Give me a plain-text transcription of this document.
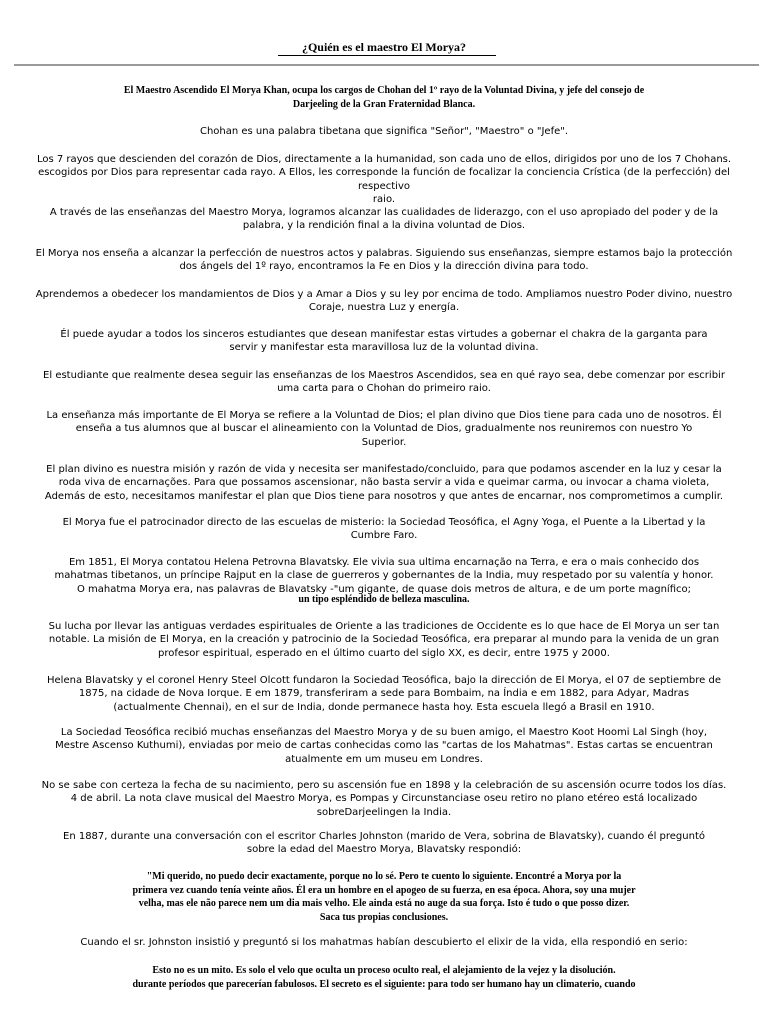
¿Quién es el maestro El Morya?

El Maestro Ascendido El Morya Khan, ocupa los cargos de Chohan del 1º rayo de la Voluntad Divina, y jefe del consejo de
Darjeeling de la Gran Fraternidad Blanca.

Chohan es una palabra tibetana que significa "Señor", "Maestro" o "Jefe".

Los 7 rayos que descienden del corazón de Dios, directamente a la humanidad, son cada uno de ellos, dirigidos por uno de los 7 Chohans.
escogidos por Dios para representar cada rayo. A Ellos, les corresponde la función de focalizar la conciencia Crística (de la perfección) del respectivo
raio.

A través de las enseñanzas del Maestro Morya, logramos alcanzar las cualidades de liderazgo, con el uso apropiado del poder y de la
palabra, y la rendición final a la divina voluntad de Dios.

El Morya nos enseña a alcanzar la perfección de nuestros actos y palabras. Siguiendo sus enseñanzas, siempre estamos bajo la protección
dos ángels del 1º rayo, encontramos la Fe en Dios y la dirección divina para todo.

Aprendemos a obedecer los mandamientos de Dios y a Amar a Dios y su ley por encima de todo. Ampliamos nuestro Poder divino, nuestro
Coraje, nuestra Luz y energía.

Él puede ayudar a todos los sinceros estudiantes que desean manifestar estas virtudes a gobernar el chakra de la garganta para
servir y manifestar esta maravillosa luz de la voluntad divina.

El estudiante que realmente desea seguir las enseñanzas de los Maestros Ascendidos, sea en qué rayo sea, debe comenzar por escribir
uma carta para o Chohan do primeiro raio.

La enseñanza más importante de El Morya se refiere a la Voluntad de Dios; el plan divino que Dios tiene para cada uno de nosotros. Él
enseña a tus alumnos que al buscar el alineamiento con la Voluntad de Dios, gradualmente nos reuniremos con nuestro Yo
Superior.

El plan divino es nuestra misión y razón de vida y necesita ser manifestado/concluido, para que podamos ascender en la luz y cesar la
roda viva de encarnações. Para que possamos ascensionar, não basta servir a vida e queimar carma, ou invocar a chama violeta,
Además de esto, necesitamos manifestar el plan que Dios tiene para nosotros y que antes de encarnar, nos comprometimos a cumplir.

El Morya fue el patrocinador directo de las escuelas de misterio: la Sociedad Teosófica, el Agny Yoga, el Puente a la Libertad y la
Cumbre Faro.

Em 1851, El Morya contatou Helena Petrovna Blavatsky. Ele vivia sua ultima encarnação na Terra, e era o mais conhecido dos
mahatmas tibetanos, un príncipe Rajput en la clase de guerreros y gobernantes de la India, muy respetado por su valentía y honor.
O mahatma Morya era, nas palavras de Blavatsky -"um gigante, de quase dois metros de altura, e de um porte magnífico;

un tipo espléndido de belleza masculina.

Su lucha por llevar las antiguas verdades espirituales de Oriente a las tradiciones de Occidente es lo que hace de El Morya un ser tan
notable. La misión de El Morya, en la creación y patrocinio de la Sociedad Teosófica, era preparar al mundo para la venida de un gran
profesor espiritual, esperado en el último cuarto del siglo XX, es decir, entre 1975 y 2000.

Helena Blavatsky y el coronel Henry Steel Olcott fundaron la Sociedad Teosófica, bajo la dirección de El Morya, el 07 de septiembre de
1875, na cidade de Nova Iorque. E em 1879, transferiram a sede para Bombaim, na Índia e em 1882, para Adyar, Madras
(actualmente Chennai), en el sur de India, donde permanece hasta hoy. Esta escuela llegó a Brasil en 1910.

La Sociedad Teosófica recibió muchas enseñanzas del Maestro Morya y de su buen amigo, el Maestro Koot Hoomi Lal Singh (hoy,
Mestre Ascenso Kuthumi), enviadas por meio de cartas conhecidas como las "cartas de los Mahatmas". Estas cartas se encuentran
atualmente em um museu em Londres.

No se sabe con certeza la fecha de su nacimiento, pero su ascensión fue en 1898 y la celebración de su ascensión ocurre todos los días.
4 de abril. La nota clave musical del Maestro Morya, es Pompas y Circunstanciase oseu retiro no plano etéreo está localizado
sobreDarjeelingen la India.

En 1887, durante una conversación con el escritor Charles Johnston (marido de Vera, sobrina de Blavatsky), cuando él preguntó
sobre la edad del Maestro Morya, Blavatsky respondió:

"Mi querido, no puedo decir exactamente, porque no lo sé. Pero te cuento lo siguiente. Encontré a Morya por la
primera vez cuando tenía veinte años. Él era un hombre en el apogeo de su fuerza, en esa época. Ahora, soy una mujer
velha, mas ele não parece nem um dia mais velho. Ele ainda está no auge da sua força. Isto é tudo o que posso dizer.
Saca tus propias conclusiones.

Cuando el sr. Johnston insistió y preguntó si los mahatmas habían descubierto el elixir de la vida, ella respondió en serio:

Esto no es un mito. Es solo el velo que oculta un proceso oculto real, el alejamiento de la vejez y la disolución.
durante períodos que parecerían fabulosos. El secreto es el siguiente: para todo ser humano hay un climaterio, cuando
